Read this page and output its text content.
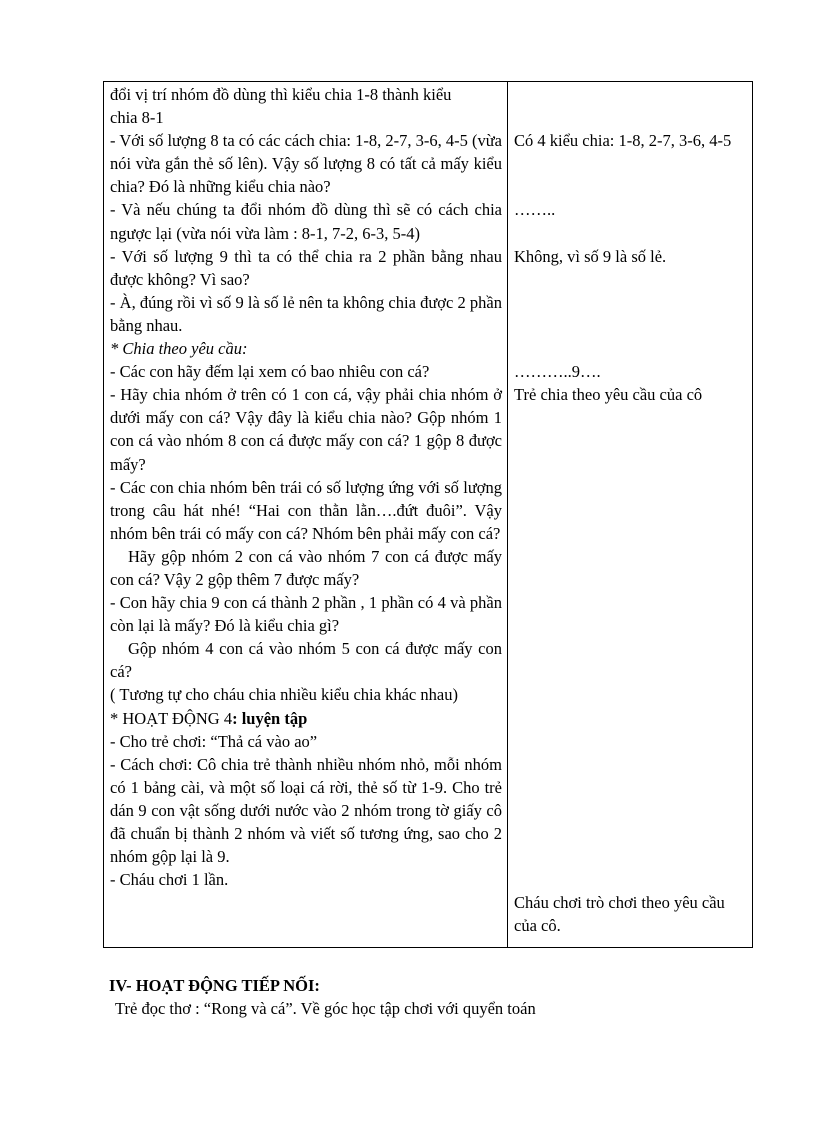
đổi vị trí nhóm đồ dùng thì kiểu chia 1-8 thành kiểu

chia 8-1

- Với số lượng 8 ta có các cách chia: 1-8, 2-7, 3-6, 4-5 (vừa nói vừa gắn thẻ số lên). Vậy số lượng 8 có tất cả mấy kiểu chia? Đó là những kiểu chia nào?

- Và nếu chúng ta đổi nhóm đồ dùng thì sẽ có cách chia ngược lại (vừa nói vừa làm : 8-1, 7-2, 6-3, 5-4)

- Với số lượng 9 thì ta có thể chia ra 2 phần bằng nhau được không? Vì sao?

- À, đúng rồi vì số 9 là số lẻ nên ta không chia được 2 phần bằng nhau.

* Chia theo yêu cầu:

- Các con hãy đếm lại xem có bao nhiêu con cá?

- Hãy chia nhóm ở trên có 1 con cá, vậy phải chia nhóm ở dưới mấy con cá? Vậy đây là kiểu chia nào? Gộp nhóm 1 con cá vào nhóm 8 con cá được mấy con cá? 1 gộp 8 được mấy?

- Các con chia nhóm bên trái có số lượng ứng với số lượng trong câu hát nhé! “Hai con thằn lằn….đứt đuôi”. Vậy nhóm bên trái có mấy con cá? Nhóm bên phải mấy con cá?

Hãy gộp nhóm 2 con cá vào nhóm 7 con cá được mấy con cá? Vậy 2 gộp thêm 7 được mấy?

- Con hãy chia 9 con cá thành 2 phần , 1 phần có 4 và phần còn lại là mấy? Đó là kiểu chia gì?

Gộp nhóm 4 con cá vào nhóm 5 con cá được mấy con cá?

( Tương tự cho cháu chia nhiều kiểu chia khác nhau)

* HOẠT ĐỘNG 4: luyện tập

- Cho trẻ chơi: “Thả cá vào ao”

- Cách chơi: Cô chia trẻ thành nhiều nhóm nhỏ, mỗi nhóm có 1 bảng cài, và một số loại cá rời, thẻ số từ 1-9. Cho trẻ dán 9 con vật sống dưới nước vào 2 nhóm trong tờ giấy cô đã chuẩn bị thành 2 nhóm và viết số tương ứng, sao cho 2 nhóm gộp lại là 9.

- Cháu chơi 1 lần.

Có 4 kiểu chia: 1-8, 2-7, 3-6, 4-5

……..

Không, vì số 9 là số lẻ.

………..9….

Trẻ chia theo yêu cầu của cô

Cháu chơi trò chơi theo yêu cầu của cô.

IV- HOẠT ĐỘNG TIẾP NỐI:

Trẻ đọc thơ : “Rong và cá”. Về góc học tập chơi với quyển toán
